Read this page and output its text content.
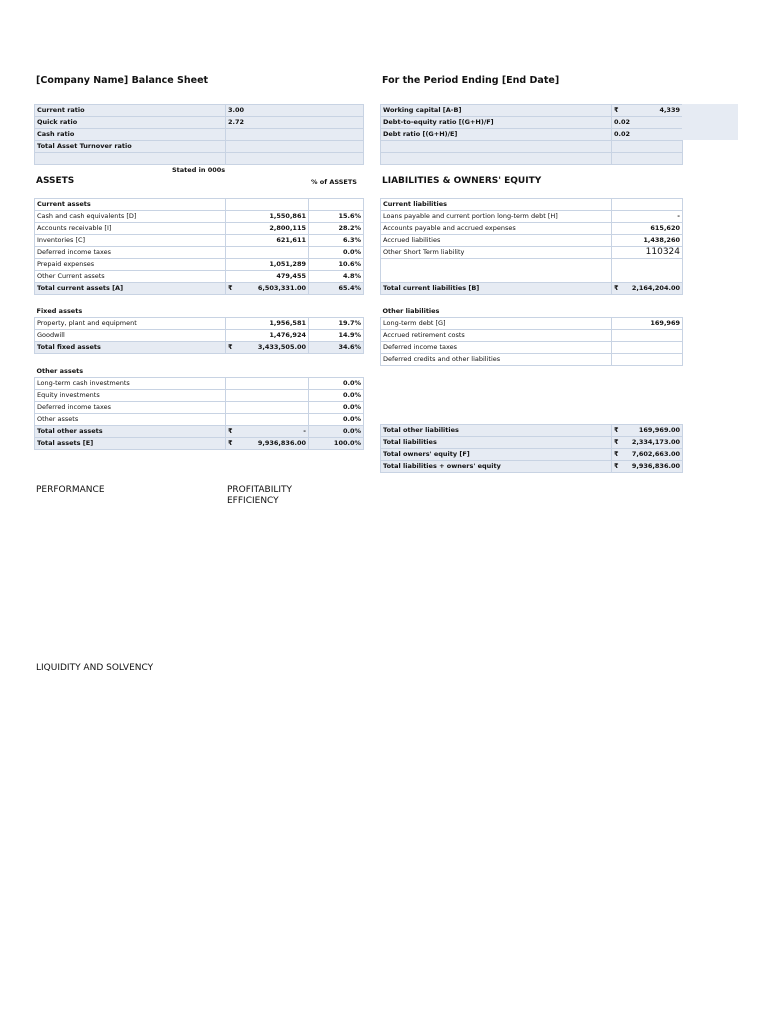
[Company Name] Balance Sheet	For the Period Ending [End Date]
Current ratio	3.00
Quick ratio	2.72
Cash ratio	
Total Asset Turnover ratio	

Working capital [A-B]	₹ 4,339

Debt-to-equity ratio [(G+H)/F]	0.02
Debt ratio [(G+H)/E]	0.02

Stated in 000s
ASSETS	% of ASSETS	LIABILITIES & OWNERS' EQUITY
Current assets		
Cash and cash equivalents [D]	1,550,861	15.6%
Accounts receivable [I]	2,800,115	28.2%
Inventories [C]	621,611	6.3%
Deferred income taxes		0.0%
Prepaid expenses	1,051,289	10.6%
Other Current assets	479,455	4.8%
Total current assets [A]	₹ 6,503,331.00	65.4%
Fixed assets		
Property, plant and equipment	1,956,581	19.7%
Goodwill	1,476,924	14.9%
Total fixed assets	₹ 3,433,505.00	34.6%
Other assets		
Long-term cash investments		0.0%
Equity investments		0.0%
Deferred income taxes		0.0%
Other assets		0.0%
Total other assets	₹ -	0.0%
Total assets [E]	₹ 9,936,836.00	100.0%
Current liabilities	
Loans payable and current portion long-term debt [H]	-
Accounts payable and accrued expenses	615,620
Accrued liabilities	1,438,260
Other Short Term liability	110324

Total current liabilities [B]	₹ 2,164,204.00
Other liabilities	
Long-term debt [G]	169,969
Accrued retirement costs	
Deferred income taxes	
Deferred credits and other liabilities	
Total other liabilities	₹ 169,969.00
Total liabilities	₹ 2,334,173.00
Total owners' equity [F]	₹ 7,602,663.00
Total liabilities + owners' equity	₹ 9,936,836.00
PERFORMANCE	PROFITABILITY
EFFICIENCY
LIQUIDITY AND SOLVENCY
